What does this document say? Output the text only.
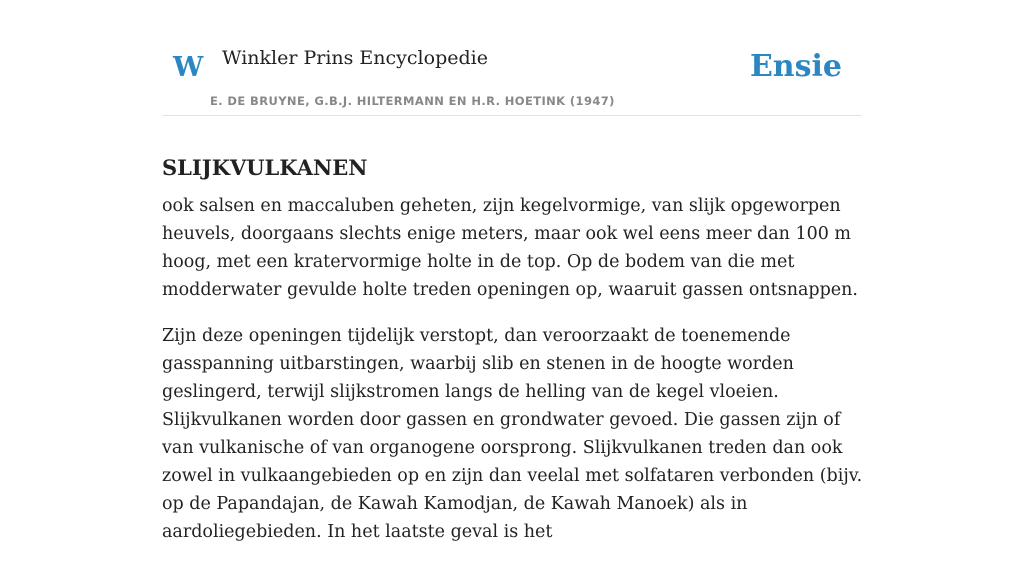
W Winkler Prins Encyclopedie
E. DE BRUYNE, G.B.J. HILTERMANN EN H.R. HOETINK (1947)
Ensie
SLIJKVULKANEN

ook salsen en maccaluben geheten, zijn kegelvormige, van slijk opgeworpen heuvels, doorgaans slechts enige meters, maar ook wel eens meer dan 100 m hoog, met een kratervormige holte in de top. Op de bodem van die met modderwater gevulde holte treden openingen op, waaruit gassen ontsnappen.

Zijn deze openingen tijdelijk verstopt, dan veroorzaakt de toenemende gasspanning uitbarstingen, waarbij slib en stenen in de hoogte worden geslingerd, terwijl slijkstromen langs de helling van de kegel vloeien. Slijkvulkanen worden door gassen en grondwater gevoed. Die gassen zijn of van vulkanische of van organogene oorsprong. Slijkvulkanen treden dan ook zowel in vulkaangebieden op en zijn dan veelal met solfataren verbonden (bijv. op de Papandajan, de Kawah Kamodjan, de Kawah Manoek) als in aardoliegebieden. In het laatste geval is het
